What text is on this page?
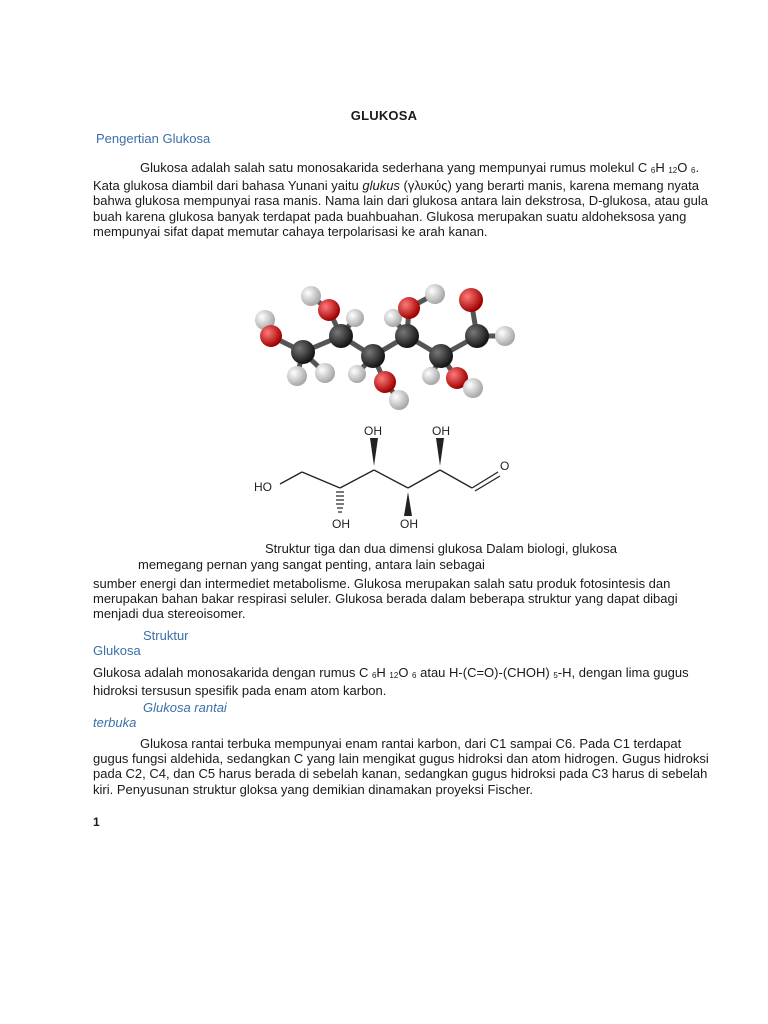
GLUKOSA
Pengertian Glukosa
Glukosa adalah salah satu monosakarida sederhana yang mempunyai rumus molekul C $_6$H $_{12}$O $_6$. Kata glukosa diambil dari bahasa Yunani yaitu glukus (γλυκύς) yang berarti manis, karena memang nyata bahwa glukosa mempunyai rasa manis. Nama lain dari glukosa antara lain dekstrosa, D-glukosa, atau gula buah karena glukosa banyak terdapat pada buahbuahan. Glukosa merupakan suatu aldoheksosa yang mempunyai sifat dapat memutar cahaya terpolarisasi ke arah kanan.
HO
OH	OH
O
OH	OH
Struktur tiga dan dua dimensi glukosa Dalam biologi, glukosa
memegang pernan yang sangat penting, antara lain sebagai
sumber energi dan intermediet metabolisme. Glukosa merupakan salah satu produk fotosintesis dan merupakan bahan bakar respirasi seluler. Glukosa berada dalam beberapa struktur yang dapat dibagi menjadi dua stereoisomer.
Struktur
Glukosa
Glukosa adalah monosakarida dengan rumus C $_6$H $_{12}$O $_6$ atau H-(C=O)-(CHOH) $_5$-H, dengan lima gugus hidroksi tersusun spesifik pada enam atom karbon.
Glukosa rantai
terbuka
Glukosa rantai terbuka mempunyai enam rantai karbon, dari C1 sampai C6. Pada C1 terdapat gugus fungsi aldehida, sedangkan C yang lain mengikat gugus hidroksi dan atom hidrogen. Gugus hidroksi pada C2, C4, dan C5 harus berada di sebelah kanan, sedangkan gugus hidroksi pada C3 harus di sebelah kiri. Penyusunan struktur gloksa yang demikian dinamakan proyeksi Fischer.
1
